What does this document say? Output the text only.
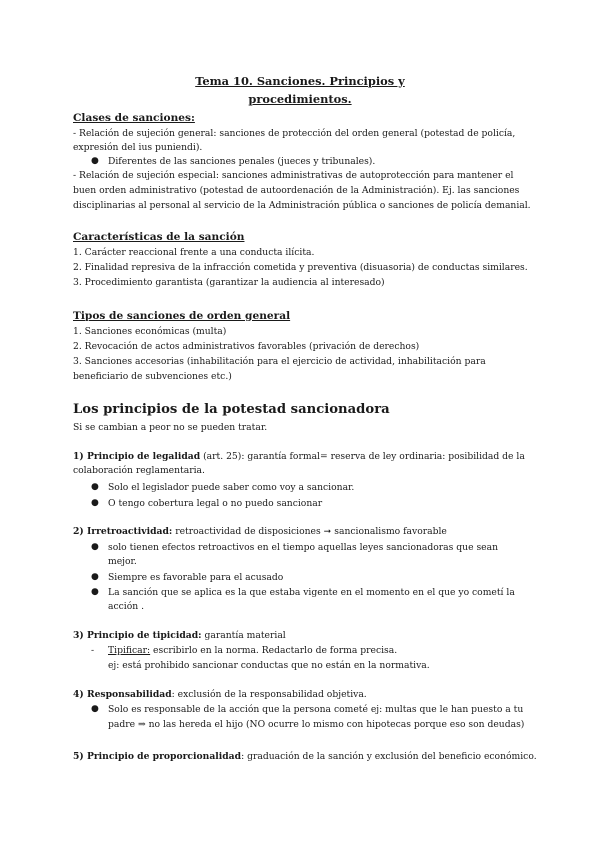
Tema 10. Sanciones. Principios y

procedimientos.

Clases de sanciones:

- Relación de sujeción general: sanciones de protección del orden general (potestad de policía,

expresión del ius puniendi).

● Diferentes de las sanciones penales (jueces y tribunales).

- Relación de sujeción especial: sanciones administrativas de autoprotección para mantener el

buen orden administrativo (potestad de autoordenación de la Administración). Ej. las sanciones

disciplinarias al personal al servicio de la Administración pública o sanciones de policía demanial.

Características de la sanción

1. Carácter reaccional frente a una conducta ilícita.

2. Finalidad represiva de la infracción cometida y preventiva (disuasoria) de conductas similares.

3. Procedimiento garantista (garantizar la audiencia al interesado)

Tipos de sanciones de orden general

1. Sanciones económicas (multa)

2. Revocación de actos administrativos favorables (privación de derechos)

3. Sanciones accesorias (inhabilitación para el ejercicio de actividad, inhabilitación para

beneficiario de subvenciones etc.)

Los principios de la potestad sancionadora

Si se cambian a peor no se pueden tratar.

1) Principio de legalidad (art. 25): garantía formal= reserva de ley ordinaria: posibilidad de la

colaboración reglamentaria.

● Solo el legislador puede saber como voy a sancionar.

● O tengo cobertura legal o no puedo sancionar

2) Irretroactividad: retroactividad de disposiciones ➞ sancionalismo favorable

● solo tienen efectos retroactivos en el tiempo aquellas leyes sancionadoras que sean

mejor.

● Siempre es favorable para el acusado

● La sanción que se aplica es la que estaba vigente en el momento en el que yo cometí la

acción .

3) Principio de tipicidad: garantía material

- Tipificar: escribirlo en la norma. Redactarlo de forma precisa.

ej: está prohibido sancionar conductas que no están en la normativa.

4) Responsabilidad: exclusión de la responsabilidad objetiva.

● Solo es responsable de la acción que la persona cometé ej: multas que le han puesto a tu

padre ⇒ no las hereda el hijo (NO ocurre lo mismo con hipotecas porque eso son deudas)

5) Principio de proporcionalidad: graduación de la sanción y exclusión del beneficio económico.
